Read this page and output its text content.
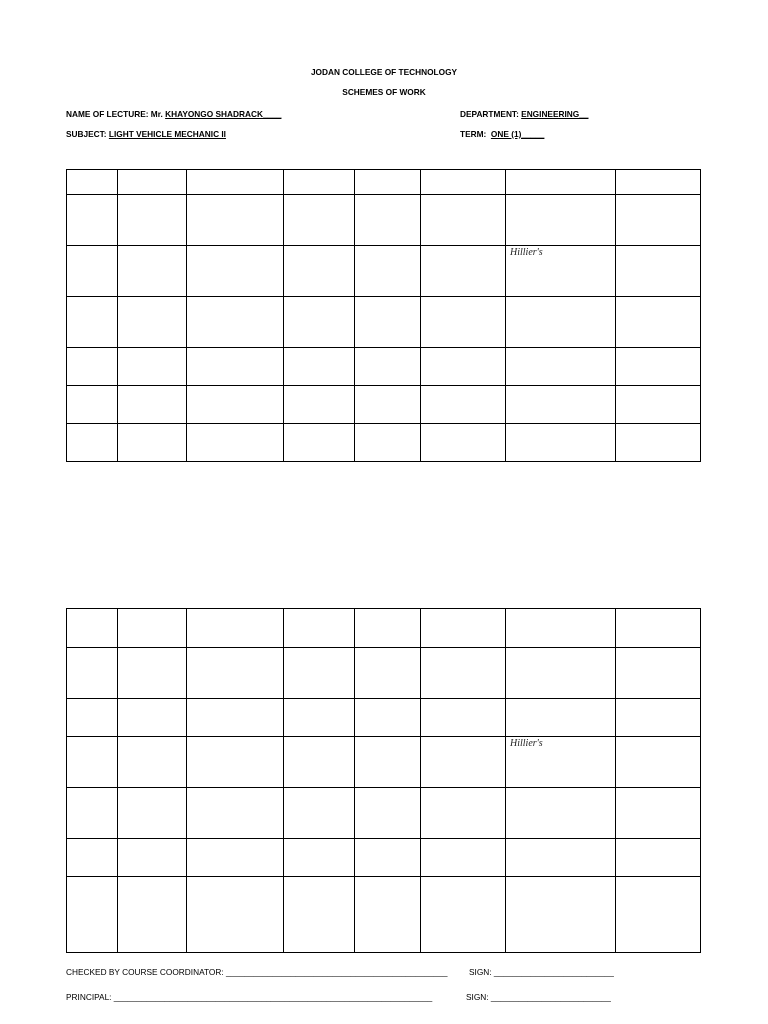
JODAN COLLEGE OF TECHNOLOGY
SCHEMES OF WORK
NAME OF LECTURE: Mr. KHAYONGO SHADRACK____	DEPARTMENT: ENGINEERING__
SUBJECT: LIGHT VEHICLE MECHANIC II	TERM: ONE (1)_____

						Hillier's	

						Hillier's	

CHECKED BY COURSE COORDINATOR: ________________________________________________	SIGN: __________________________
PRINCIPAL: _____________________________________________________________________	SIGN: __________________________
